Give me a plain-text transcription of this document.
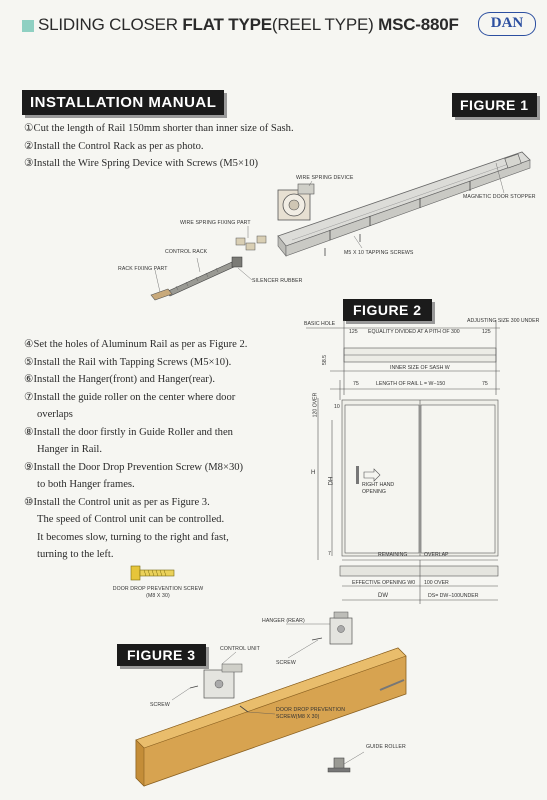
SLIDING CLOSER FLAT TYPE(REEL TYPE) MSC-880F	DAN
INSTALLATION MANUAL	FIGURE 1
FIGURE 2
FIGURE 3
①Cut the length of Rail 150mm shorter than inner size of Sash.
②Install the Control Rack as per as photo.
③Install the Wire Spring Device with Screws (M5×10)
④Set the holes of Aluminum Rail as per as Figure 2.
⑤Install the Rail with Tapping Screws (M5×10).
⑥Install the Hanger(front) and Hanger(rear).
⑦Install the guide roller on the center where door
overlaps
⑧Install the door firstly in Guide Roller and then
Hanger in Rail.
⑨Install the Door Drop Prevention Screw (M8×30)
to both Hanger frames.
⑩Install the Control unit as per as Figure 3.
The speed of Control unit can be controlled.
It becomes slow, turning to the right and fast,
turning to the left.
WIRE SPRING DEVICE
MAGNETIC DOOR STOPPER
WIRE SPRING FIXING PART
CONTROL RACK	M5 X 10 TAPPING SCREWS
RACK FIXING PART
SILENCER RUBBER
BASIC HOLE	ADJUSTING SIZE 300 UNDER
125 EQUALITY DIVIDED AT A PITH OF 300	125
58.5
INNER SIZE OF SASH W
75	LENGTH OF RAIL L = W−150	75
120 OVER	10
H
DH	RIGHT HAND OPENING
7	REMAINING	OVERLAP
EFFECTIVE OPENING W0 100 OVER
DW	DS= DW−100UNDER
DOOR DROP PREVENTION SCREW
(M8 X 30)
HANGER (REAR)
CONTROL UNIT
SCREW
SCREW
DOOR DROP PREVENTION
SCREW(M8 X 30)
GUIDE ROLLER
